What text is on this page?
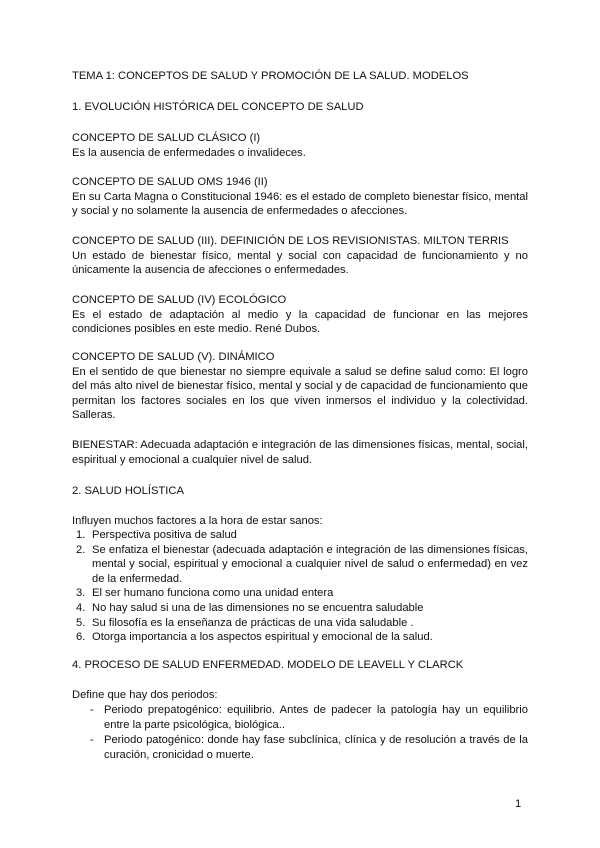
TEMA 1: CONCEPTOS DE SALUD Y PROMOCIÓN DE LA SALUD. MODELOS
1. EVOLUCIÓN HISTÓRICA DEL CONCEPTO DE SALUD
CONCEPTO DE SALUD CLÁSICO (I)
Es la ausencia de enfermedades o invalideces.
CONCEPTO DE SALUD OMS 1946 (II)
En su Carta Magna o Constitucional 1946: es el estado de completo bienestar físico, mental y social y no solamente la ausencia de enfermedades o afecciones.
CONCEPTO DE SALUD (III). DEFINICIÓN DE LOS REVISIONISTAS. MILTON TERRIS
Un estado de bienestar físico, mental y social con capacidad de funcionamiento y no únicamente la ausencia de afecciones o enfermedades.
CONCEPTO DE SALUD (IV) ECOLÓGICO
Es el estado de adaptación al medio y la capacidad de funcionar en las mejores condiciones posibles en este medio. René Dubos.
CONCEPTO DE SALUD (V). DINÁMICO
En el sentido de que bienestar no siempre equivale a salud se define salud como: El logro del más alto nivel de bienestar físico, mental y social y de capacidad de funcionamiento que permitan los factores sociales en los que viven inmersos el individuo y la colectividad. Salleras.
BIENESTAR: Adecuada adaptación e integración de las dimensiones físicas, mental, social, espiritual y emocional a cualquier nivel de salud.
2. SALUD HOLÍSTICA
Influyen muchos factores a la hora de estar sanos:
1. Perspectiva positiva de salud
2. Se enfatiza el bienestar (adecuada adaptación e integración de las dimensiones físicas, mental y social, espiritual y emocional a cualquier nivel de salud o enfermedad) en vez de la enfermedad.
3. El ser humano funciona como una unidad entera
4. No hay salud si una de las dimensiones no se encuentra saludable
5. Su filosofía es la enseñanza de prácticas de una vida saludable .
6. Otorga importancia a los aspectos espiritual y emocional de la salud.
4. PROCESO DE SALUD ENFERMEDAD. MODELO DE LEAVELL Y CLARCK
Define que hay dos periodos:
- Periodo prepatogénico: equilibrio. Antes de padecer la patología hay un equilibrio entre la parte psicológica, biológica..
- Periodo patogénico: donde hay fase subclínica, clínica y de resolución a través de la curación, cronicidad o muerte.
1
